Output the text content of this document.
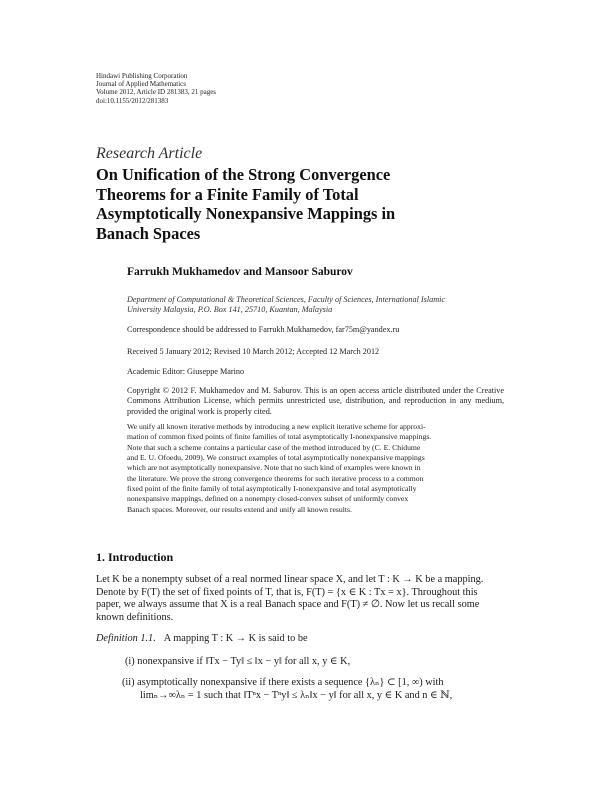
Hindawi Publishing Corporation
Journal of Applied Mathematics
Volume 2012, Article ID 281383, 21 pages
doi:10.1155/2012/281383
Research Article
On Unification of the Strong Convergence
Theorems for a Finite Family of Total
Asymptotically Nonexpansive Mappings in
Banach Spaces
Farrukh Mukhamedov and Mansoor Saburov
Department of Computational & Theoretical Sciences, Faculty of Sciences, International Islamic
University Malaysia, P.O. Box 141, 25710, Kuantan, Malaysia
Correspondence should be addressed to Farrukh Mukhamedov, far75m@yandex.ru
Received 5 January 2012; Revised 10 March 2012; Accepted 12 March 2012
Academic Editor: Giuseppe Marino
Copyright © 2012 F. Mukhamedov and M. Saburov. This is an open access article distributed under the Creative Commons Attribution License, which permits unrestricted use, distribution, and reproduction in any medium, provided the original work is properly cited.
We unify all known iterative methods by introducing a new explicit iterative scheme for approxi-
mation of common fixed points of finite families of total asymptotically I-nonexpansive mappings.
Note that such a scheme contains a particular case of the method introduced by (C. E. Chidume
and E. U. Ofoedu, 2009). We construct examples of total asymptotically nonexpansive mappings
which are not asymptotically nonexpansive. Note that no such kind of examples were known in
the literature. We prove the strong convergence theorems for such iterative process to a common
fixed point of the finite family of total asymptotically I-nonexpansive and total asymptotically
nonexpansive mappings, defined on a nonempty closed-convex subset of uniformly convex
Banach spaces. Moreover, our results extend and unify all known results.
1. Introduction
Let K be a nonempty subset of a real normed linear space X, and let T : K → K be a mapping.
Denote by F(T) the set of fixed points of T, that is, F(T) = {x ∈ K : Tx = x}. Throughout this
paper, we always assume that X is a real Banach space and F(T) ≠ ∅. Now let us recall some
known definitions.
Definition 1.1. A mapping T : K → K is said to be
(i) nonexpansive if ‖Tx − Ty‖ ≤ ‖x − y‖ for all x, y ∈ K,
(ii) asymptotically nonexpansive if there exists a sequence {λₙ} ⊂ [1, ∞) with
limₙ→∞λₙ = 1 such that ‖Tⁿx − Tⁿy‖ ≤ λₙ‖x − y‖ for all x, y ∈ K and n ∈ ℕ,
